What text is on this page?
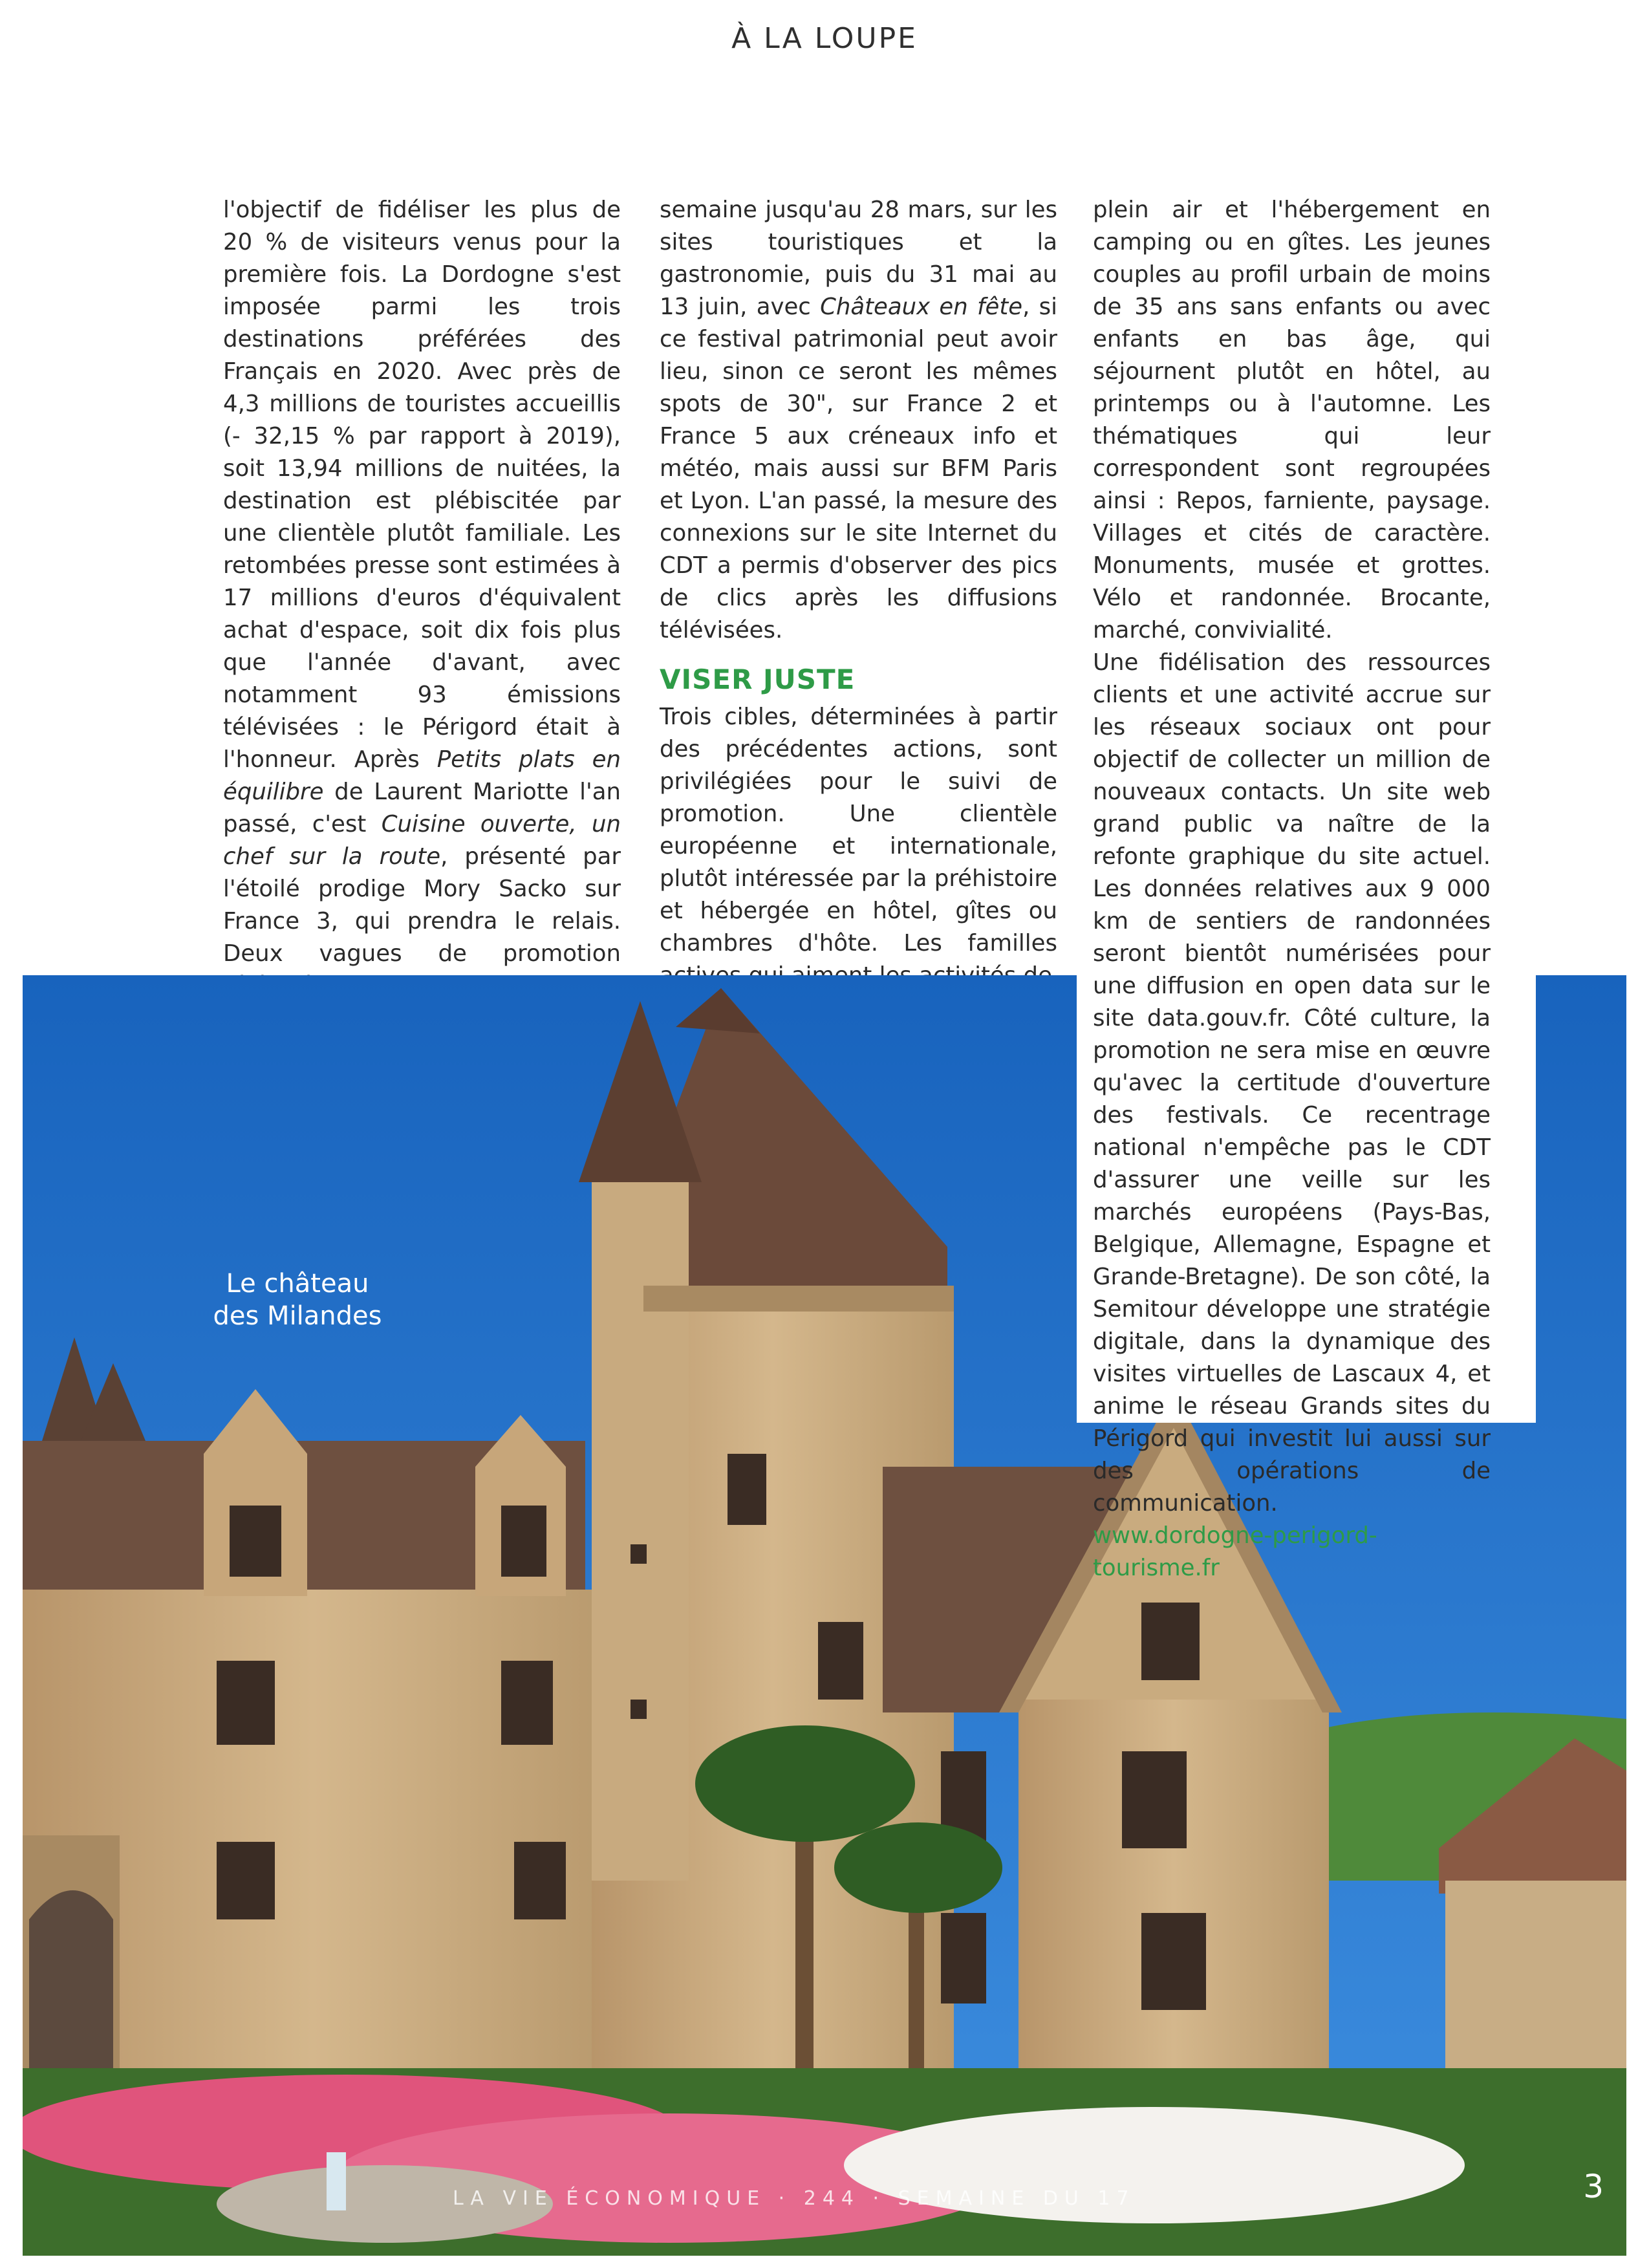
À LA LOUPE

l'objectif de fidéliser les plus de 20 % de visiteurs venus pour la première fois. La Dordogne s'est imposée parmi les trois destinations préférées des Français en 2020. Avec près de 4,3 millions de touristes accueillis (- 32,15 % par rapport à 2019), soit 13,94 millions de nuitées, la destination est plébiscitée par une clientèle plutôt familiale. Les retombées presse sont estimées à 17 millions d'euros d'équivalent achat d'espace, soit dix fois plus que l'année d'avant, avec notamment 93 émissions télévisées : le Périgord était à l'honneur. Après Petits plats en équilibre de Laurent Mariotte l'an passé, c'est Cuisine ouverte, un chef sur la route, présenté par l'étoilé prodige Mory Sacko sur France 3, qui prendra le relais. Deux vagues de promotion

semaine jusqu'au 28 mars, sur les sites touristiques et la gastronomie, puis du 31 mai au 13 juin, avec Châteaux en fête, si ce festival patrimonial peut avoir lieu, sinon ce seront les mêmes spots de 30", sur France 2 et France 5 aux créneaux info et météo, mais aussi sur BFM Paris et Lyon. L'an passé, la mesure des connexions sur le site Internet du CDT a permis d'observer des pics de clics après les diffusions télévisées.

VISER JUSTE

Trois cibles, déterminées à partir des précédentes actions, sont privilégiées pour le suivi de promotion. Une clientèle européenne et internationale, plutôt intéressée par la préhistoire et hébergée en hôtel, gîtes ou chambres d'hôte. Les familles

Le château
des Milandes

plein air et l'hébergement en camping ou en gîtes. Les jeunes couples au profil urbain de moins de 35 ans sans enfants ou avec enfants en bas âge, qui séjournent plutôt en hôtel, au printemps ou à l'automne. Les thématiques qui leur correspondent sont regroupées ainsi : Repos, farniente, paysage. Villages et cités de caractère. Monuments, musée et grottes. Vélo et randonnée. Brocante, marché, convivialité.

Une fidélisation des ressources clients et une activité accrue sur les réseaux sociaux ont pour objectif de collecter un million de nouveaux contacts. Un site web grand public va naître de la refonte graphique du site actuel. Les données relatives aux 9 000 km de sentiers de randonnées seront bientôt numérisées pour une diffusion en open data sur le site data.gouv.fr. Côté culture, la promotion ne sera mise en œuvre qu'avec la certitude d'ouverture des festivals. Ce recentrage national n'empêche pas le CDT d'assurer une veille sur les marchés européens (Pays-Bas, Belgique, Allemagne, Espagne et Grande-Bretagne). De son côté, la Semitour développe une stratégie digitale, dans la dynamique des visites virtuelles de Lascaux 4, et anime le réseau Grands sites du Périgord qui investit lui aussi sur des opérations de communication.

www.dordogne-perigord-tourisme.fr

LA VIE ÉCONOMIQUE · 244 · SEMAINE DU 17	3
